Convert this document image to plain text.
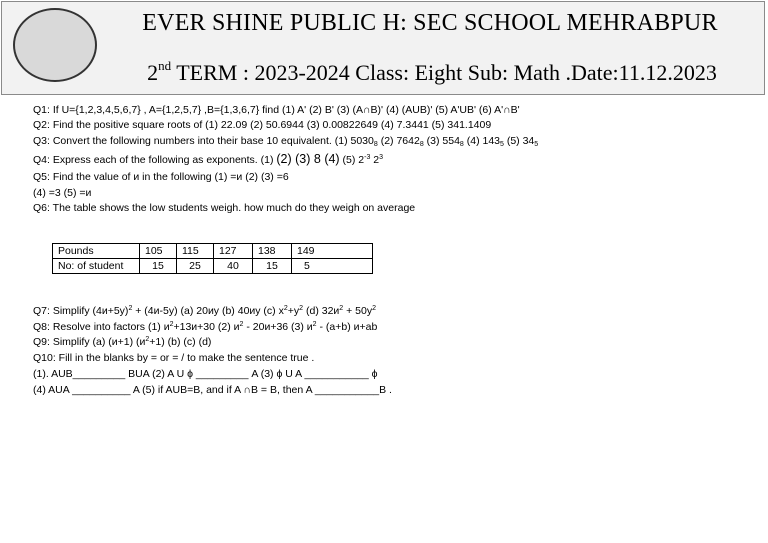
EVER SHINE PUBLIC H: SEC SCHOOL MEHRABPUR
2nd TERM : 2023-2024 Class: Eight Sub: Math .Date:11.12.2023
Q1: If U={1,2,3,4,5,6,7} , A={1,2,5,7} ,B={1,3,6,7} find (1) A' (2) B' (3) (A∩B)' (4) (AUB)' (5) A'UB' (6) A'∩B'
Q2: Find the positive square roots of (1) 22.09 (2) 50.6944 (3) 0.00822649 (4) 7.3441 (5) 341.1409
Q3: Convert the following numbers into their base 10 equivalent. (1) $5030_8$ (2) $7642_8$ (3) $554_8$ (4) $143_5$ (5) $34_5$
Q4: Express each of the following as exponents. (1) (2) (3) 8 (4) (5) $2^{-3}$ $2^3$
Q5: Find the value of и in the following (1) =и (2) (3) =6
(4) =3 (5) =и
Q6: The table shows the low students weigh. how much do they weigh on average
Pounds	105	115	127	138	149
No: of student	15	25	40	15	5
Q7: Simplify $(4и+5y)^2 + (4и-5y)$ (a) 20иy (b) 40иy (c) $x^2+y^2$ (d) $32и^2 + 50y^2$
Q8: Resolve into factors (1) $и^2+13и+30$ (2) $и^2 - 20и+36$ (3) $и^2 - (a+b)$ и+ab
Q9: Simplify (a) (и+1) $(и^2+1)$ (b) (c) (d)
Q10: Fill in the blanks by = or = / to make the sentence true .
(1). AUB_________ BUA (2) A U ϕ _________ A (3) ϕ U A ___________ ϕ
(4) AUA __________ A (5) if AUB=B, and if A ∩B = B, then A ___________B .
